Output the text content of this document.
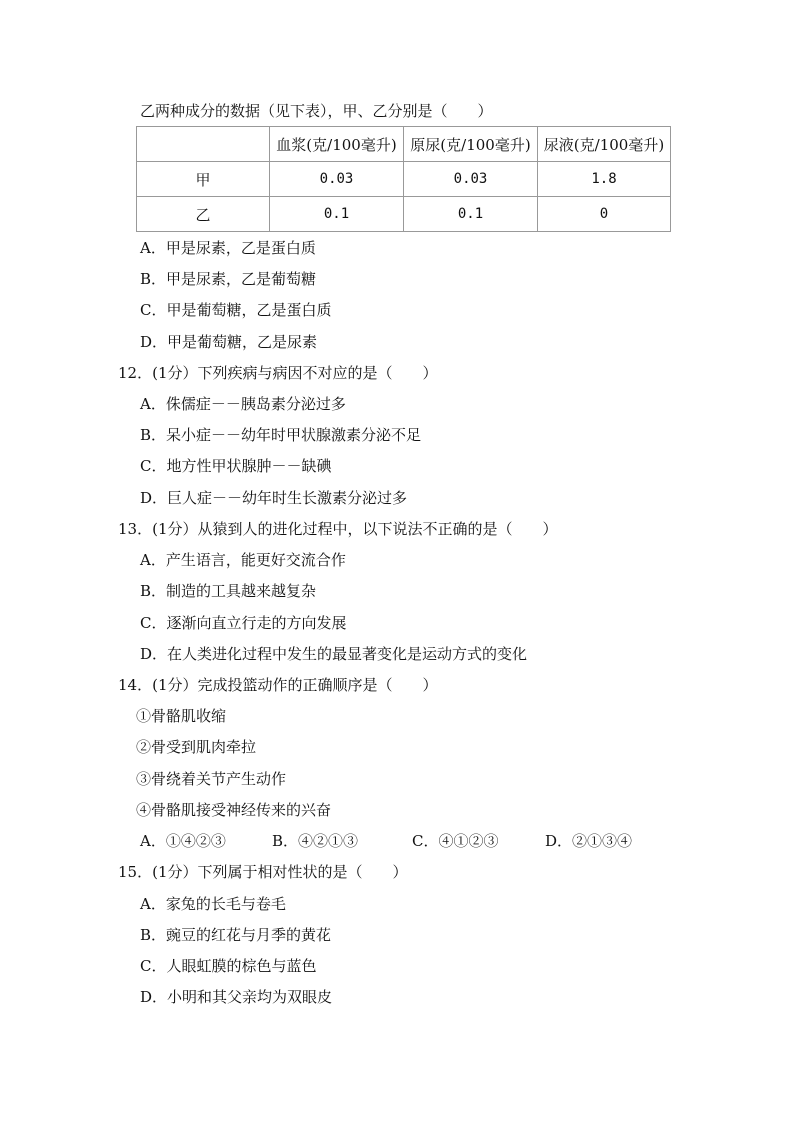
乙两种成分的数据（见下表），甲、乙分别是（　　）
	血浆(克/100毫升)	原尿(克/100毫升)	尿液(克/100毫升)
甲	0.03	0.03	1.8
乙	0.1	0.1	0
A．甲是尿素，乙是蛋白质
B．甲是尿素，乙是葡萄糖
C．甲是葡萄糖，乙是蛋白质
D．甲是葡萄糖，乙是尿素
12．(1分）下列疾病与病因不对应的是（　　）
A．侏儒症－－胰岛素分泌过多
B．呆小症－－幼年时甲状腺激素分泌不足
C．地方性甲状腺肿－－缺碘
D．巨人症－－幼年时生长激素分泌过多
13．(1分）从猿到人的进化过程中，以下说法不正确的是（　　）
A．产生语言，能更好交流合作
B．制造的工具越来越复杂
C．逐渐向直立行走的方向发展
D．在人类进化过程中发生的最显著变化是运动方式的变化
14．(1分）完成投篮动作的正确顺序是（　　）
①骨骼肌收缩
②骨受到肌肉牵拉
③骨绕着关节产生动作
④骨骼肌接受神经传来的兴奋
A．①④②③	B．④②①③	C．④①②③	D．②①③④
15．(1分）下列属于相对性状的是（　　）
A．家兔的长毛与卷毛
B．豌豆的红花与月季的黄花
C．人眼虹膜的棕色与蓝色
D．小明和其父亲均为双眼皮
